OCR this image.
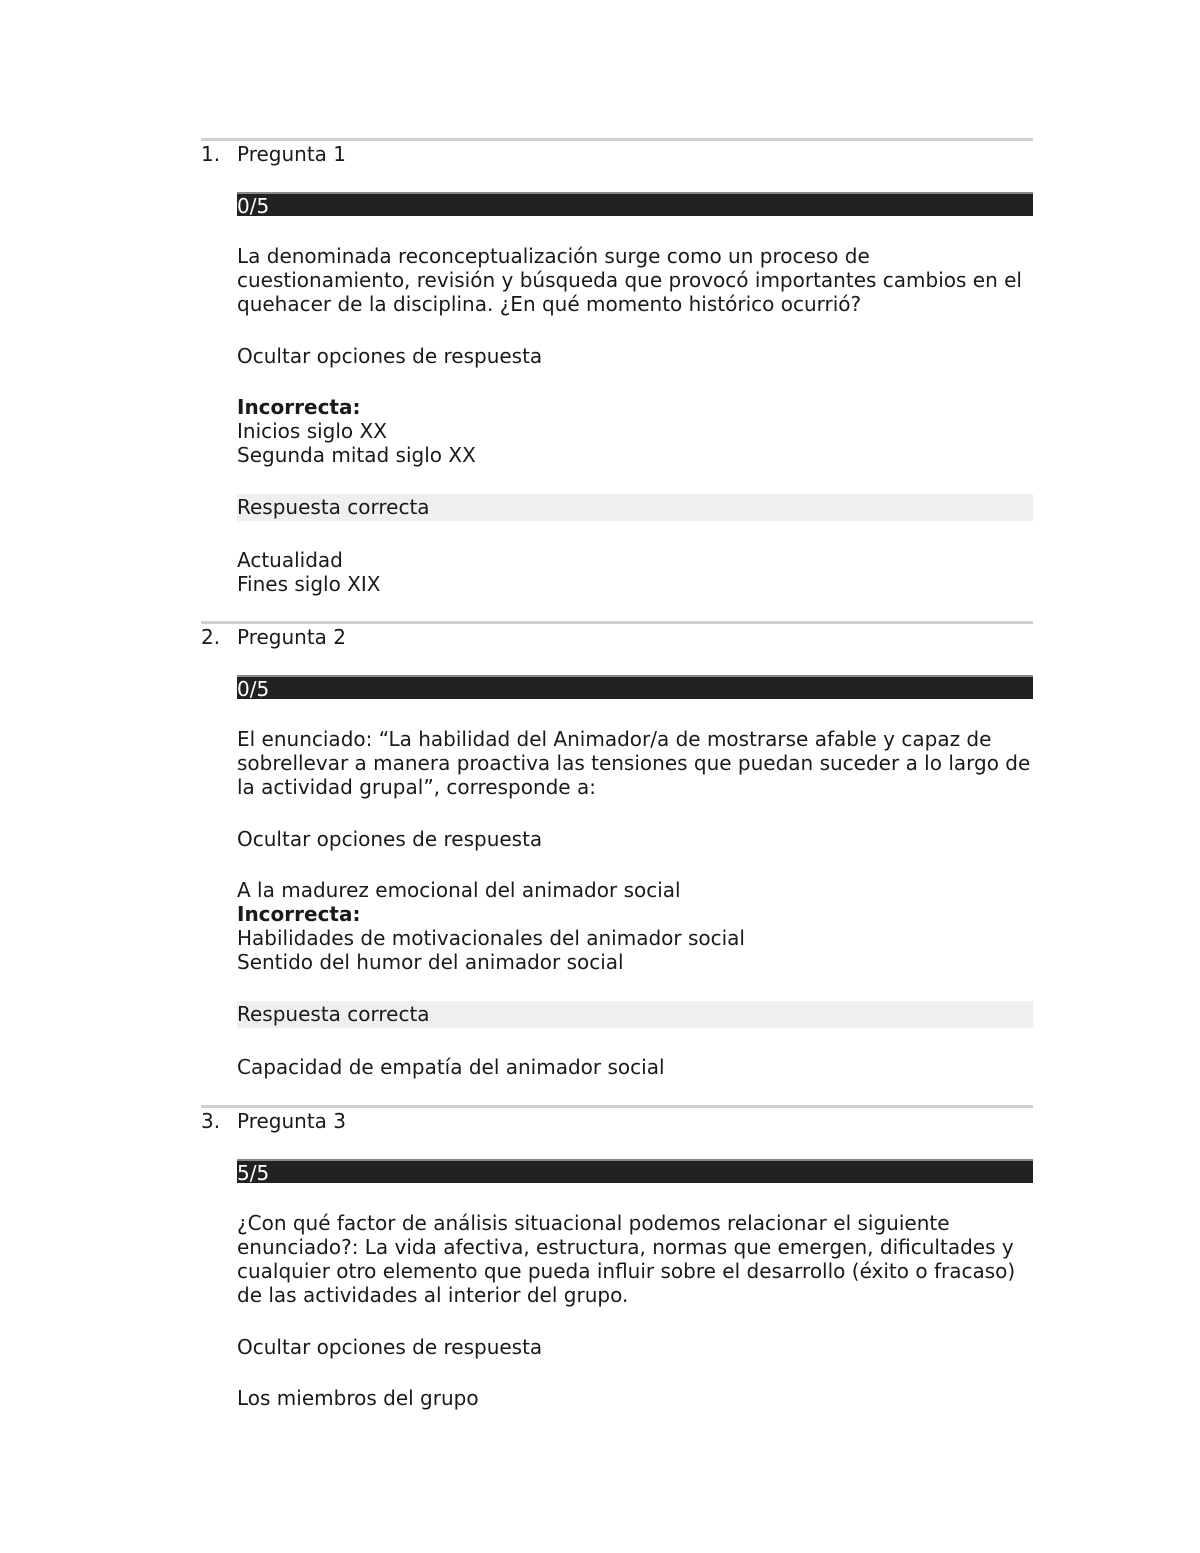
1. Pregunta 1
0/5
La denominada reconceptualización surge como un proceso de cuestionamiento, revisión y búsqueda que provocó importantes cambios en el quehacer de la disciplina. ¿En qué momento histórico ocurrió?
Ocultar opciones de respuesta
Incorrecta:
Inicios siglo XX
Segunda mitad siglo XX
Respuesta correcta
Actualidad
Fines siglo XIX
2. Pregunta 2
0/5
El enunciado: “La habilidad del Animador/a de mostrarse afable y capaz de sobrellevar a manera proactiva las tensiones que puedan suceder a lo largo de la actividad grupal”, corresponde a:
Ocultar opciones de respuesta
A la madurez emocional del animador social
Incorrecta:
Habilidades de motivacionales del animador social
Sentido del humor del animador social
Respuesta correcta
Capacidad de empatía del animador social
3. Pregunta 3
5/5
¿Con qué factor de análisis situacional podemos relacionar el siguiente enunciado?: La vida afectiva, estructura, normas que emergen, dificultades y cualquier otro elemento que pueda influir sobre el desarrollo (éxito o fracaso) de las actividades al interior del grupo.
Ocultar opciones de respuesta
Los miembros del grupo
